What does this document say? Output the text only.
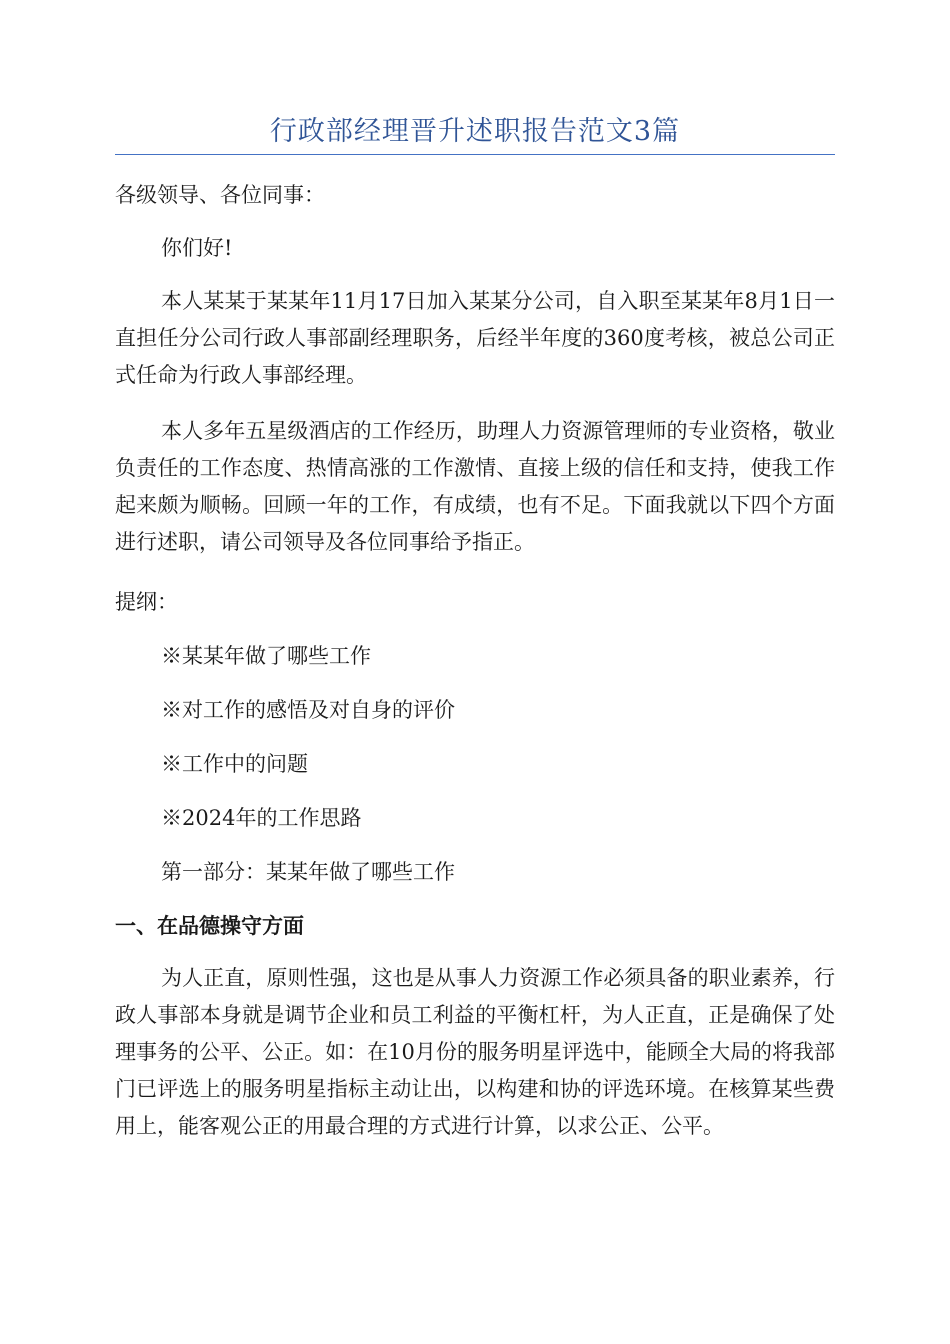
行政部经理晋升述职报告范文3篇
各级领导、各位同事：
你们好!
本人某某于某某年11月17日加入某某分公司，自入职至某某年8月1日一直担任分公司行政人事部副经理职务，后经半年度的360度考核，被总公司正式任命为行政人事部经理。
本人多年五星级酒店的工作经历，助理人力资源管理师的专业资格，敬业负责任的工作态度、热情高涨的工作激情、直接上级的信任和支持，使我工作起来颇为顺畅。回顾一年的工作，有成绩，也有不足。下面我就以下四个方面进行述职，请公司领导及各位同事给予指正。
提纲：
※某某年做了哪些工作
※对工作的感悟及对自身的评价
※工作中的问题
※2024年的工作思路
第一部分：某某年做了哪些工作
一、在品德操守方面
为人正直，原则性强，这也是从事人力资源工作必须具备的职业素养，行政人事部本身就是调节企业和员工利益的平衡杠杆，为人正直，正是确保了处理事务的公平、公正。如：在10月份的服务明星评选中，能顾全大局的将我部门已评选上的服务明星指标主动让出，以构建和协的评选环境。在核算某些费用上，能客观公正的用最合理的方式进行计算，以求公正、公平。
